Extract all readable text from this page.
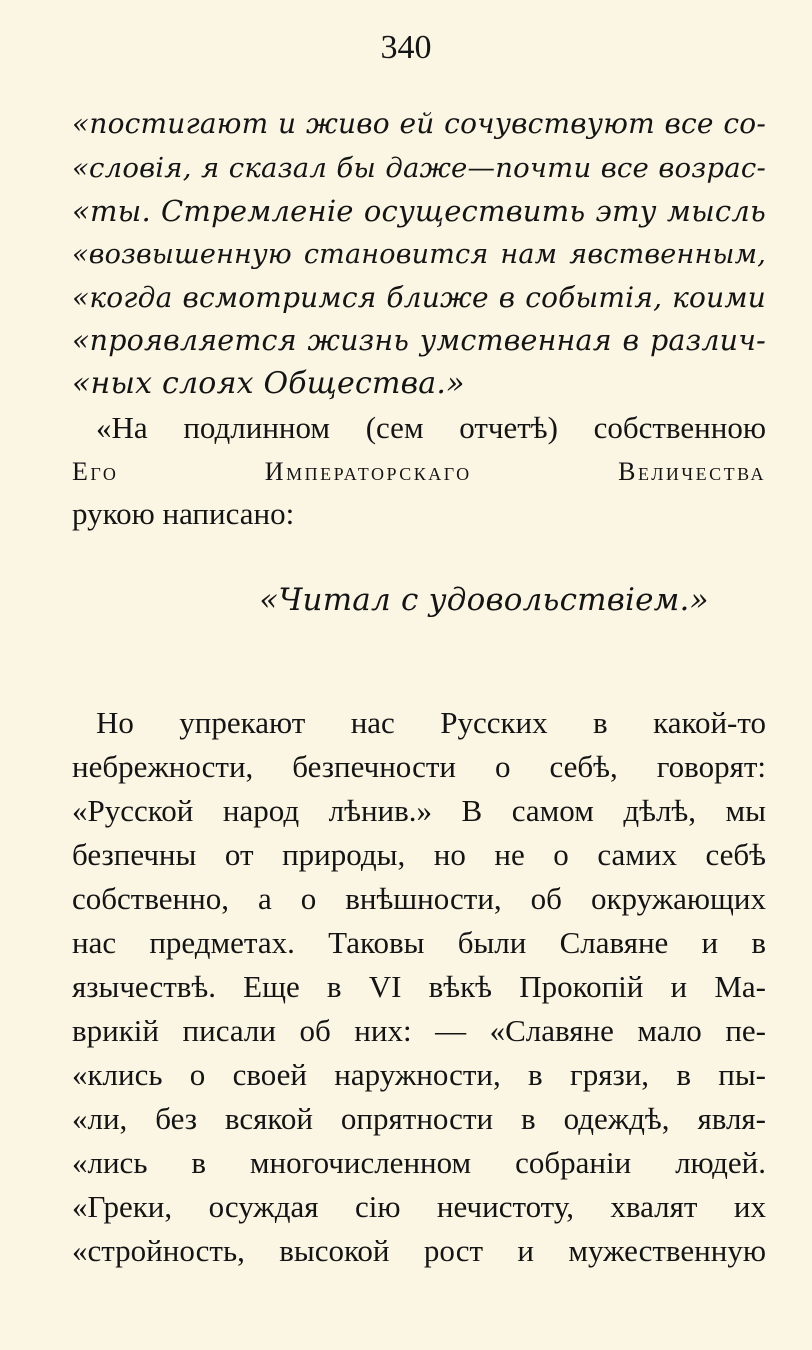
340
«постигают и живо ей сочувствуют все со-
«словія, я сказал бы даже—почти все возрас-
«ты. Стремленіе осуществить эту мысль
«возвышенную становится нам явственным,
«когда всмотримся ближе в событія, коими
«проявляется жизнь умственная в различ-
«ных слоях Общества.»
«На подлинном (сем отчетѣ) собственною
Его Императорскаго Величества
рукою написано:
«Читал с удовольствіем.»
Но упрекают нас Русских в какой-то
небрежности, безпечности о себѣ, говорят:
«Русской народ лѣнив.» В самом дѣлѣ, мы
безпечны от природы, но не о самих себѣ
собственно, а о внѣшности, об окружающих
нас предметах. Таковы были Славяне и в
язычествѣ. Еще в VI вѣкѣ Прокопій и Ма-
врикій писали об них: — «Славяне мало пе-
«клись о своей наружности, в грязи, в пы-
«ли, без всякой опрятности в одеждѣ, явля-
«лись в многочисленном собраніи людей.
«Греки, осуждая сію нечистоту, хвалят их
«стройность, высокой рост и мужественную
